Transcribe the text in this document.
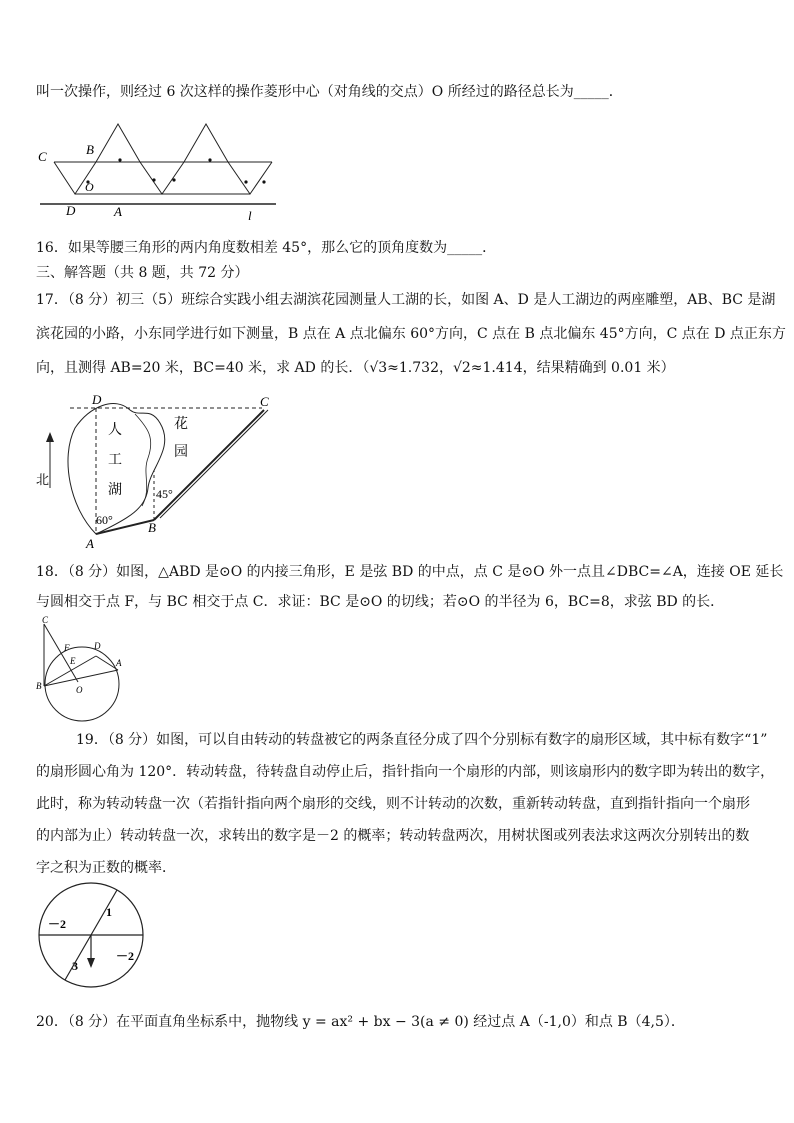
叫一次操作，则经过 6 次这样的操作菱形中心（对角线的交点）O 所经过的路径总长为_____．
C	B
O
D	A	l
16．如果等腰三角形的两内角度数相差 45°，那么它的顶角度数为_____．
三、解答题（共 8 题，共 72 分）
17．（8 分）初三（5）班综合实践小组去湖滨花园测量人工湖的长，如图 A、D 是人工湖边的两座雕塑，AB、BC 是湖
滨花园的小路，小东同学进行如下测量，B 点在 A 点北偏东 60°方向，C 点在 B 点北偏东 45°方向，C 点在 D 点正东方
向，且测得 AB=20 米，BC=40 米，求 AD 的长．（√3≈1.732，√2≈1.414，结果精确到 0.01 米）
北
D	C
A
B
人
工
湖
花
园
45°
60°
18．（8 分）如图，△ABD 是⊙O 的内接三角形，E 是弦 BD 的中点，点 C 是⊙O 外一点且∠DBC=∠A，连接 OE 延长
与圆相交于点 F，与 BC 相交于点 C．求证：BC 是⊙O 的切线；若⊙O 的半径为 6，BC=8，求弦 BD 的长．
C
F	D
E	A
B	O
19．（8 分）如图，可以自由转动的转盘被它的两条直径分成了四个分别标有数字的扇形区域，其中标有数字“1”
的扇形圆心角为 120°．转动转盘，待转盘自动停止后，指针指向一个扇形的内部，则该扇形内的数字即为转出的数字，
此时，称为转动转盘一次（若指针指向两个扇形的交线，则不计转动的次数，重新转动转盘，直到指针指向一个扇形
的内部为止）转动转盘一次，求转出的数字是－2 的概率；转动转盘两次，用树状图或列表法求这两次分别转出的数
字之积为正数的概率．
1
－2
3
－2
20．（8 分）在平面直角坐标系中，抛物线 y = ax² + bx − 3(a ≠ 0) 经过点 A（-1,0）和点 B（4,5）．
